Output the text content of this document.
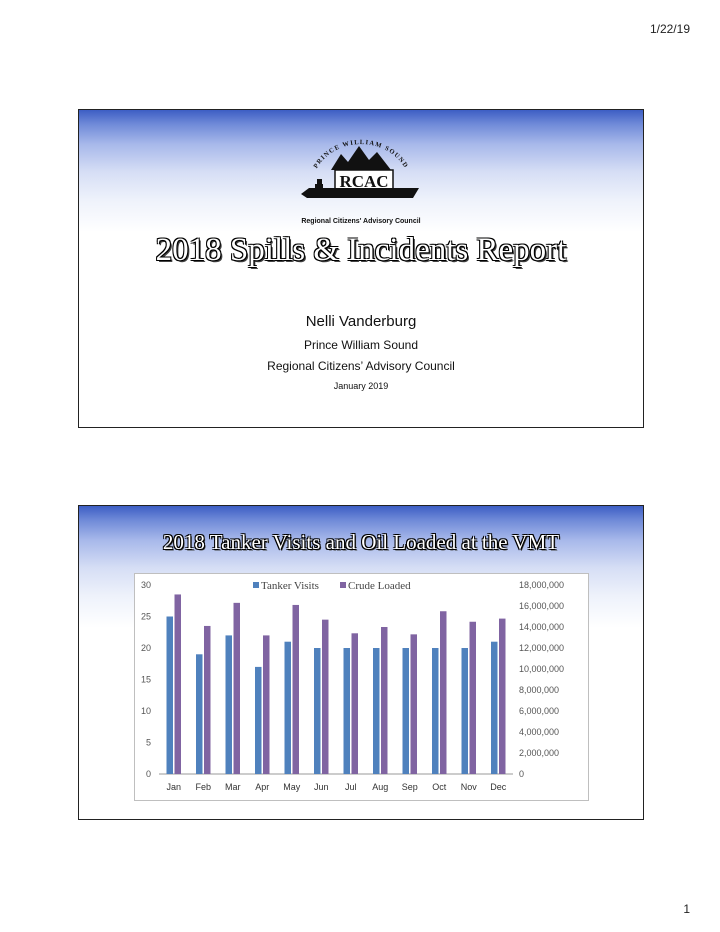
1/22/19
PRINCE WILLIAM SOUND
RCAC
Regional Citizens' Advisory Council
2018 Spills & Incidents Report
Nelli Vanderburg
Prince William Sound
Regional Citizens’ Advisory Council
January 2019
2018 Tanker Visits and Oil Loaded at the VMT
0
5
10
15
20
25
30
0
2,000,000
4,000,000
6,000,000
8,000,000
10,000,000
12,000,000
14,000,000
16,000,000
18,000,000
Jan Feb Mar Apr May Jun Jul Aug Sep Oct Nov Dec
Tanker Visits	Crude Loaded
1
